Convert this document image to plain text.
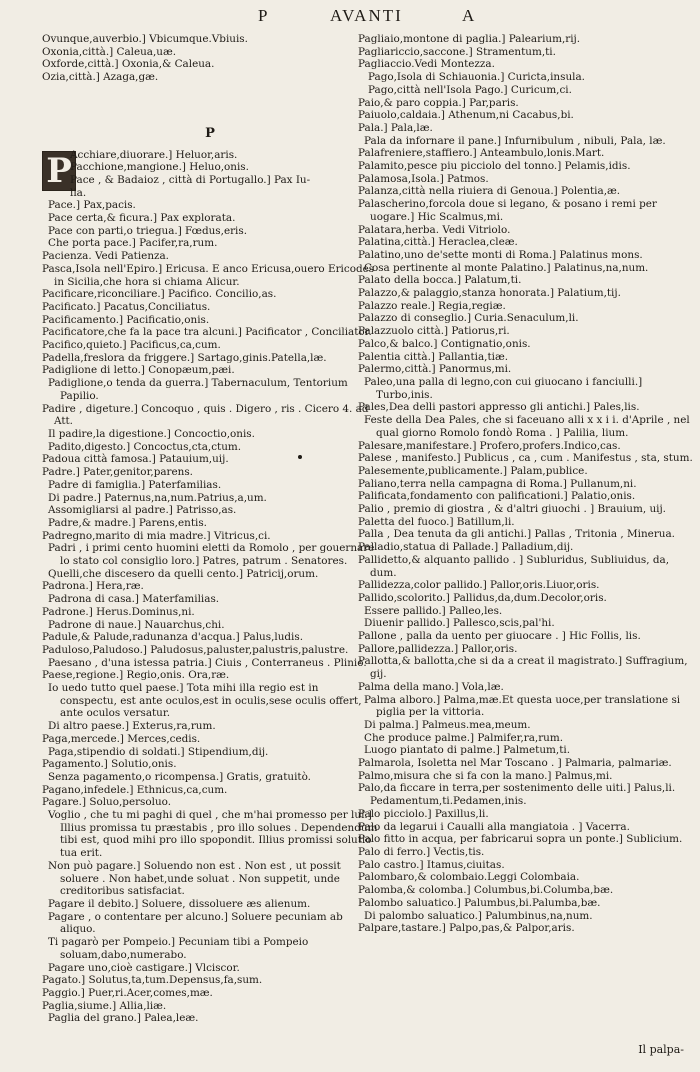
P	AVANTI	A

Ovunque,auverbio.] Vbicumque.Vbiuis.

Oxonia,città.] Caleua,uæ.

Oxforde,città.] Oxonia,& Caleua.

Ozia,città.] Azaga,gæ.

P
P

Acchiare,diuorare.] Heluor,aris.

Pacchione,mangione.] Heluo,onis.

Pace , & Badaioz , città di Portugallo.] Pax Iu-

lia.

Pace.] Pax,pacis.

Pace certa,& ficura.] Pax explorata.

Pace con parti,o triegua.] Fœdus,eris.

Che porta pace.] Pacifer,ra,rum.

Pacienza. Vedi Patienza.

Pasca,Isola nell'Epiro.] Ericusa. E anco Ericusa,ouero Ericodes in Sicilia,che hora si chiama Alicur.

Pacificare,riconciliare.] Pacifico. Concilio,as.

Pacificato.] Pacatus,Conciliatus.

Pacificamento.] Pacificatio,onis.

Pacificatore,che fa la pace tra alcuni.] Pacificator , Conciliator.

Pacifico,quieto.] Pacificus,ca,cum.

Padella,freslora da friggere.] Sartago,ginis.Patella,læ.

Padiglione di letto.] Conopæum,pæi.

Padiglione,o tenda da guerra.] Tabernaculum, Tentorium Papilio.

Padire , digeture.] Concoquo , quis . Digero , ris . Cicero 4. ad Att.

Il padire,la digestione.] Concoctio,onis.

Padito,digesto.] Concoctus,cta,ctum.

Padoua città famosa.] Patauium,uij.

Padre.] Pater,genitor,parens.

Padre di famiglia.] Paterfamilias.

Di padre.] Paternus,na,num.Patrius,a,um.

Assomigliarsi al padre.] Patrisso,as.

Padre,& madre.] Parens,entis.

Padregno,marito di mia madre.] Vitricus,ci.

Padri , i primi cento huomini eletti da Romolo , per gouernare lo stato col consiglio loro.] Patres, patrum . Senatores.

Quelli,che discesero da quelli cento.] Patricij,orum.

Padrona.] Hera,ræ.

Padrona di casa.] Materfamilias.

Padrone.] Herus.Dominus,ni.

Padrone di naue.] Nauarchus,chi.

Padule,& Palude,radunanza d'acqua.] Palus,ludis.

Paduloso,Paludoso.] Paludosus,paluster,palustris,palustre.

Paesano , d'una istessa patria.] Ciuis , Conterraneus . Plinio.

Paese,regione.] Regio,onis. Ora,ræ.

Io uedo tutto quel paese.] Tota mihi illa regio est in conspectu, est ante oculos,est in oculis,sese oculis offert, ante oculos versatur.

Di altro paese.] Exterus,ra,rum.

Paga,mercede.] Merces,cedis.

Paga,stipendio di soldati.] Stipendium,dij.

Pagamento.] Solutio,onis.

Senza pagamento,o ricompensa.] Gratis, gratuitò.

Pagano,infedele.] Ethnicus,ca,cum.

Pagare.] Soluo,persoluo.

Voglio , che tu mi paghi di quel , che m'hai promesso per lui.] Illius promissa tu præstabis , pro illo solues . Dependendum tibi est, quod mihi pro illo spopondit. Illius promissi solutio tua erit.

Non può pagare.] Soluendo non est . Non est , ut possit soluere . Non habet,unde soluat . Non suppetit, unde creditoribus satisfaciat.

Pagare il debito.] Soluere, dissoluere æs alienum.

Pagare , o contentare per alcuno.] Soluere pecuniam ab aliquo.

Ti pagarò per Pompeio.] Pecuniam tibi a Pompeio soluam,dabo,numerabo.

Pagare uno,cioè castigare.] Vlciscor.

Pagato.] Solutus,ta,tum.Depensus,fa,sum.

Paggio.] Puer,ri.Acer,comes,mæ.

Paglia,siume.] Allia,liæ.

Paglia del grano.] Palea,leæ.

Pagliaio,montone di paglia.] Palearium,rij.

Pagliariccio,saccone.] Stramentum,ti.

Pagliaccio.Vedi Montezza.

Pago,Isola di Schiauonia.] Curicta,insula.

Pago,città nell'Isola Pago.] Curicum,ci.

Paio,& paro coppia.] Par,paris.

Paiuolo,caldaia.] Athenum,ni Cacabus,bi.

Pala.] Pala,læ.

Pala da infornare il pane.] Infurnibulum , nibuli, Pala, læ.

Palafreniere,staffiero.] Anteambulo,lonis.Mart.

Palamito,pesce piu picciolo del tonno.] Pelamis,idis.

Palamosa,Isola.] Patmos.

Palanza,città nella riuiera di Genoua.] Polentia,æ.

Palascherino,forcola doue si legano, & posano i remi per uogare.] Hic Scalmus,mi.

Palatara,herba. Vedi Vitriolo.

Palatina,città.] Heraclea,cleæ.

Palatino,uno de'sette monti di Roma.] Palatinus mons.

Cosa pertinente al monte Palatino.] Palatinus,na,num.

Palato della bocca.] Palatum,ti.

Palazzo,& palaggio,stanza honorata.] Palatium,tij.

Palazzo reale.] Regia,regiæ.

Palazzo di conseglio.] Curia.Senaculum,li.

Palazzuolo città.] Patiorus,ri.

Palco,& balco.] Contignatio,onis.

Palentia città.] Pallantia,tiæ.

Palermo,città.] Panormus,mi.

Paleo,una palla di legno,con cui giuocano i fanciulli.] Turbo,inis.

Pales,Dea delli pastori appresso gli antichi.] Pales,lis.

Feste della Dea Pales, che si faceuano alli x x i i. d'Aprile , nel qual giorno Romolo fondò Roma . ] Palilia, lium.

Palesare,manifestare.] Profero,profers.Indico,cas.

Palese , manifesto.] Publicus , ca , cum . Manifestus , sta, stum.

Palesemente,publicamente.] Palam,publice.

Paliano,terra nella campagna di Roma.] Pullanum,ni.

Palificata,fondamento con palificationi.] Palatio,onis.

Palio , premio di giostra , & d'altri giuochi . ] Brauium, uij.

Paletta del fuoco.] Batillum,li.

Palla , Dea tenuta da gli antichi.] Pallas , Tritonia , Minerua.

Palladio,statua di Pallade.] Palladium,dij.

Pallidetto,& alquanto pallido . ] Subluridus, Subliuidus, da, dum.

Pallidezza,color pallido.] Pallor,oris.Liuor,oris.

Pallido,scolorito.] Pallidus,da,dum.Decolor,oris.

Essere pallido.] Palleo,les.

Diuenir pallido.] Pallesco,scis,pal'hi.

Pallone , palla da uento per giuocare . ] Hic Follis, lis.

Pallore,pallidezza.] Pallor,oris.

Pallotta,& ballotta,che si da a creat il magistrato.] Suffragium, gij.

Palma della mano.] Vola,læ.

Palma alboro.] Palma,mæ.Et questa uoce,per translatione si piglia per la vittoria.

Di palma.] Palmeus.mea,meum.

Che produce palme.] Palmifer,ra,rum.

Luogo piantato di palme.] Palmetum,ti.

Palmarola, Isoletta nel Mar Toscano . ] Palmaria, palmariæ.

Palmo,misura che si fa con la mano.] Palmus,mi.

Palo,da ficcare in terra,per sostenimento delle uiti.] Palus,li. Pedamentum,ti.Pedamen,inis.

Palo picciolo.] Paxillus,li.

Palo da legarui i Caualli alla mangiatoia . ] Vacerra.

Palo fitto in acqua, per fabricarui sopra un ponte.] Sublicium.

Palo di ferro.] Vectis,tis.

Palo castro.] Itamus,ciuitas.

Palombaro,& colombaio.Leggi Colombaia.

Palomba,& colomba.] Columbus,bi.Columba,bæ.

Palombo saluatico.] Palumbus,bi.Palumba,bæ.

Di palombo saluatico.] Palumbinus,na,num.

Palpare,tastare.] Palpo,pas,& Palpor,aris.

Il palpa-
